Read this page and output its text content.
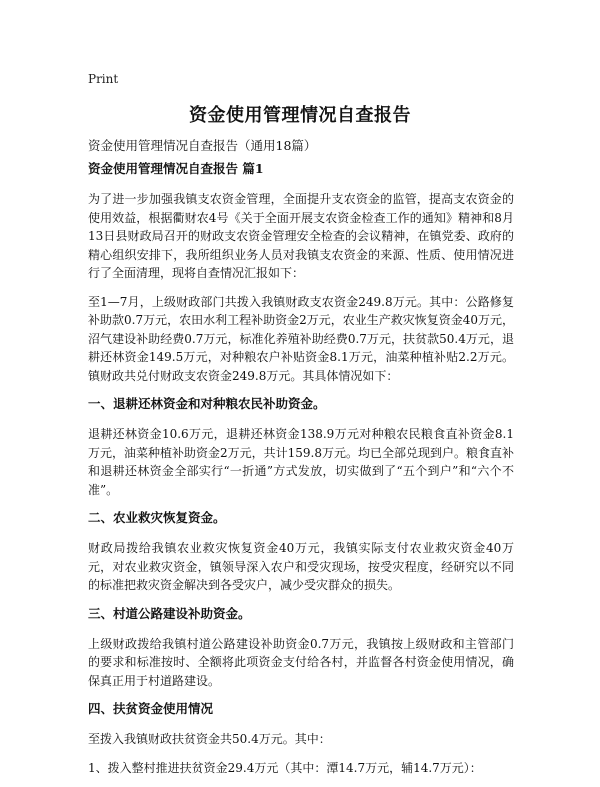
Print
资金使用管理情况自查报告
资金使用管理情况自查报告（通用18篇）
资金使用管理情况自查报告 篇1

为了进一步加强我镇支农资金管理，全面提升支农资金的监管，提高支农资金的使用效益，根据衢财农4号《关于全面开展支农资金检查工作的通知》精神和8月13日县财政局召开的财政支农资金管理安全检查的会议精神，在镇党委、政府的精心组织安排下，我所组织业务人员对我镇支农资金的来源、性质、使用情况进行了全面清理，现将自查情况汇报如下：

至1—7月，上级财政部门共拨入我镇财政支农资金249.8万元。其中：公路修复补助款0.7万元，农田水利工程补助资金2万元，农业生产救灾恢复资金40万元，沼气建设补助经费0.7万元，标准化养殖补助经费0.7万元，扶贫款50.4万元，退耕还林资金149.5万元，对种粮农户补贴资金8.1万元，油菜种植补贴2.2万元。镇财政共兑付财政支农资金249.8万元。其具体情况如下：

一、退耕还林资金和对种粮农民补助资金。

退耕还林资金10.6万元，退耕还林资金138.9万元对种粮农民粮食直补资金8.1万元，油菜种植补助资金2万元，共计159.8万元。均已全部兑现到户。粮食直补和退耕还林资金全部实行“一折通”方式发放，切实做到了“五个到户”和“六个不准”。

二、农业救灾恢复资金。

财政局拨给我镇农业救灾恢复资金40万元，我镇实际支付农业救灾资金40万元，对农业救灾资金，镇领导深入农户和受灾现场，按受灾程度，经研究以不同的标准把救灾资金解决到各受灾户，减少受灾群众的损失。

三、村道公路建设补助资金。

上级财政拨给我镇村道公路建设补助资金0.7万元，我镇按上级财政和主管部门的要求和标准按时、全额将此项资金支付给各村，并监督各村资金使用情况，确保真正用于村道路建设。

四、扶贫资金使用情况

至拨入我镇财政扶贫资金共50.4万元。其中：

1、拨入整村推进扶贫资金29.4万元（其中：潭14.7万元，辅14.7万元）：
